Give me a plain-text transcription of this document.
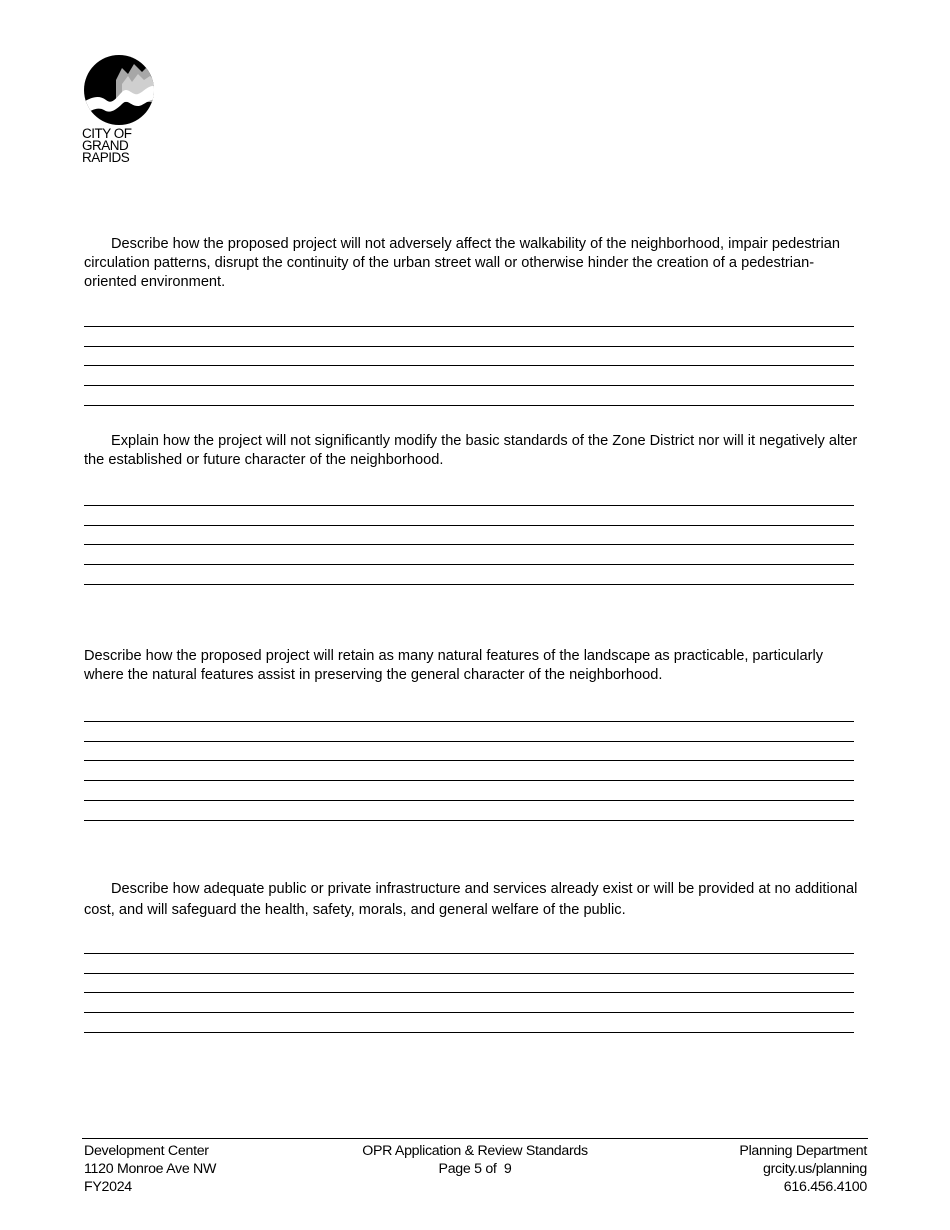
CITY OF
GRAND
RAPIDS
Describe how the proposed project will not adversely affect the walkability of the neighborhood, impair pedestrian circulation patterns, disrupt the continuity of the urban street wall or otherwise hinder the creation of a pedestrian-oriented environment.
Explain how the project will not significantly modify the basic standards of the Zone District nor will it negatively alter the established or future character of the neighborhood.
Describe how the proposed project will retain as many natural features of the landscape as practicable, particularly where the natural features assist in preserving the general character of the neighborhood.
Describe how adequate public or private infrastructure and services already exist or will be provided at no additional cost, and will safeguard the health, safety, morals, and general welfare of the public.
Development Center
1120 Monroe Ave NW
FY2024
OPR Application & Review Standards
Page 5 of  9
Planning Department
grcity.us/planning
616.456.4100
